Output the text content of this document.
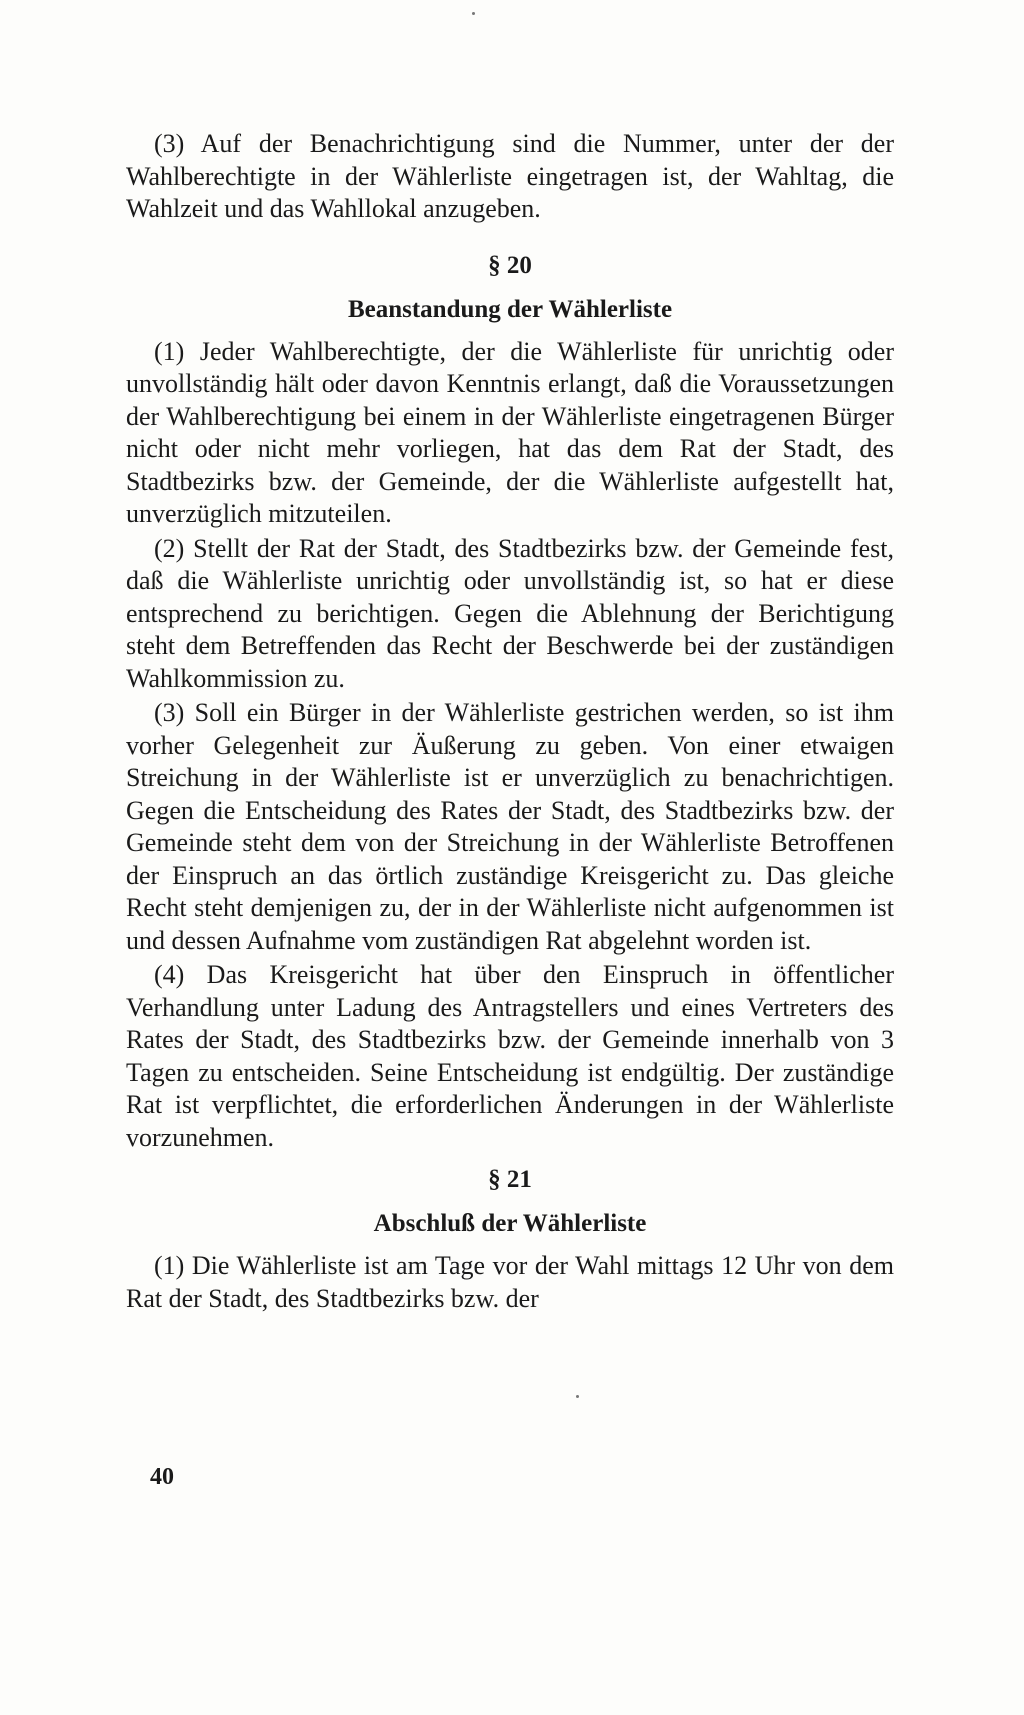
(3) Auf der Benachrichtigung sind die Nummer, unter der der Wahlberechtigte in der Wählerliste eingetragen ist, der Wahltag, die Wahlzeit und das Wahllokal anzugeben.

§ 20
Beanstandung der Wählerliste

(1) Jeder Wahlberechtigte, der die Wählerliste für unrichtig oder unvollständig hält oder davon Kenntnis erlangt, daß die Voraussetzungen der Wahlberechtigung bei einem in der Wählerliste eingetragenen Bürger nicht oder nicht mehr vorliegen, hat das dem Rat der Stadt, des Stadtbezirks bzw. der Gemeinde, der die Wählerliste aufgestellt hat, unverzüglich mitzuteilen.

(2) Stellt der Rat der Stadt, des Stadtbezirks bzw. der Gemeinde fest, daß die Wählerliste unrichtig oder unvollständig ist, so hat er diese entsprechend zu berichtigen. Gegen die Ablehnung der Berichtigung steht dem Betreffenden das Recht der Beschwerde bei der zuständigen Wahlkommission zu.

(3) Soll ein Bürger in der Wählerliste gestrichen werden, so ist ihm vorher Gelegenheit zur Äußerung zu geben. Von einer etwaigen Streichung in der Wählerliste ist er unverzüglich zu benachrichtigen. Gegen die Entscheidung des Rates der Stadt, des Stadtbezirks bzw. der Gemeinde steht dem von der Streichung in der Wählerliste Betroffenen der Einspruch an das örtlich zuständige Kreisgericht zu. Das gleiche Recht steht demjenigen zu, der in der Wählerliste nicht aufgenommen ist und dessen Aufnahme vom zuständigen Rat abgelehnt worden ist.

(4) Das Kreisgericht hat über den Einspruch in öffentlicher Verhandlung unter Ladung des Antragstellers und eines Vertreters des Rates der Stadt, des Stadtbezirks bzw. der Gemeinde innerhalb von 3 Tagen zu entscheiden. Seine Entscheidung ist endgültig. Der zuständige Rat ist verpflichtet, die erforderlichen Änderungen in der Wählerliste vorzunehmen.

§ 21
Abschluß der Wählerliste

(1) Die Wählerliste ist am Tage vor der Wahl mittags 12 Uhr von dem Rat der Stadt, des Stadtbezirks bzw. der

40
